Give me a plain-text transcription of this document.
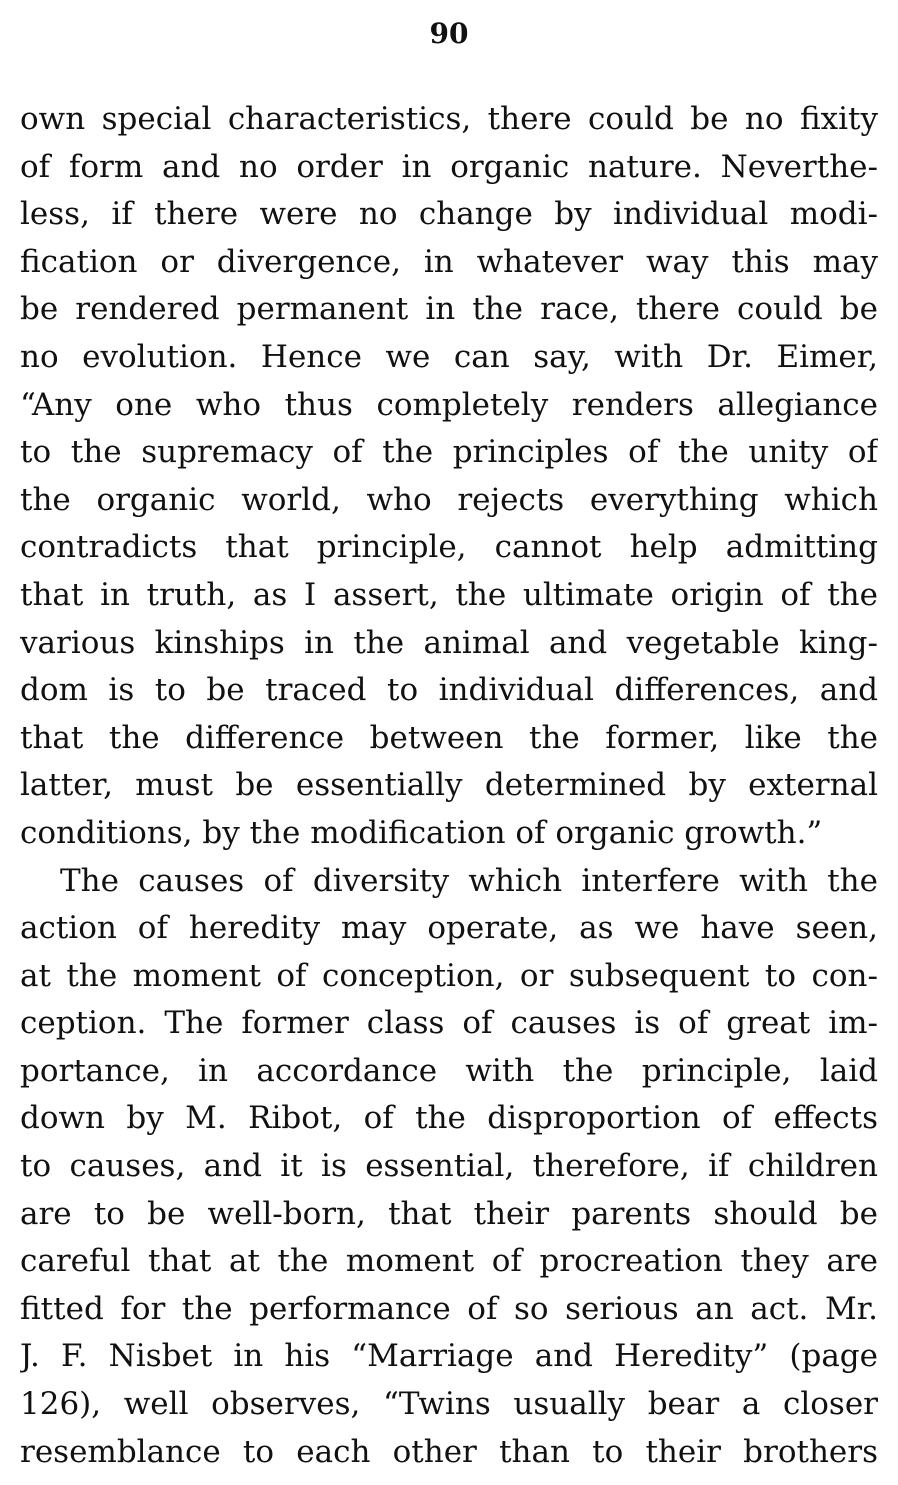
90
own special characteristics, there could be no fixity
of form and no order in organic nature. Neverthe-
less, if there were no change by individual modi-
fication or divergence, in whatever way this may
be rendered permanent in the race, there could be
no evolution. Hence we can say, with Dr. Eimer,
“Any one who thus completely renders allegiance
to the supremacy of the principles of the unity of
the organic world, who rejects everything which
contradicts that principle, cannot help admitting
that in truth, as I assert, the ultimate origin of the
various kinships in the animal and vegetable king-
dom is to be traced to individual differences, and
that the difference between the former, like the
latter, must be essentially determined by external
conditions, by the modification of organic growth.”
The causes of diversity which interfere with the
action of heredity may operate, as we have seen,
at the moment of conception, or subsequent to con-
ception. The former class of causes is of great im-
portance, in accordance with the principle, laid
down by M. Ribot, of the disproportion of effects
to causes, and it is essential, therefore, if children
are to be well-born, that their parents should be
careful that at the moment of procreation they are
fitted for the performance of so serious an act. Mr.
J. F. Nisbet in his “Marriage and Heredity” (page
126), well observes, “Twins usually bear a closer
resemblance to each other than to their brothers
